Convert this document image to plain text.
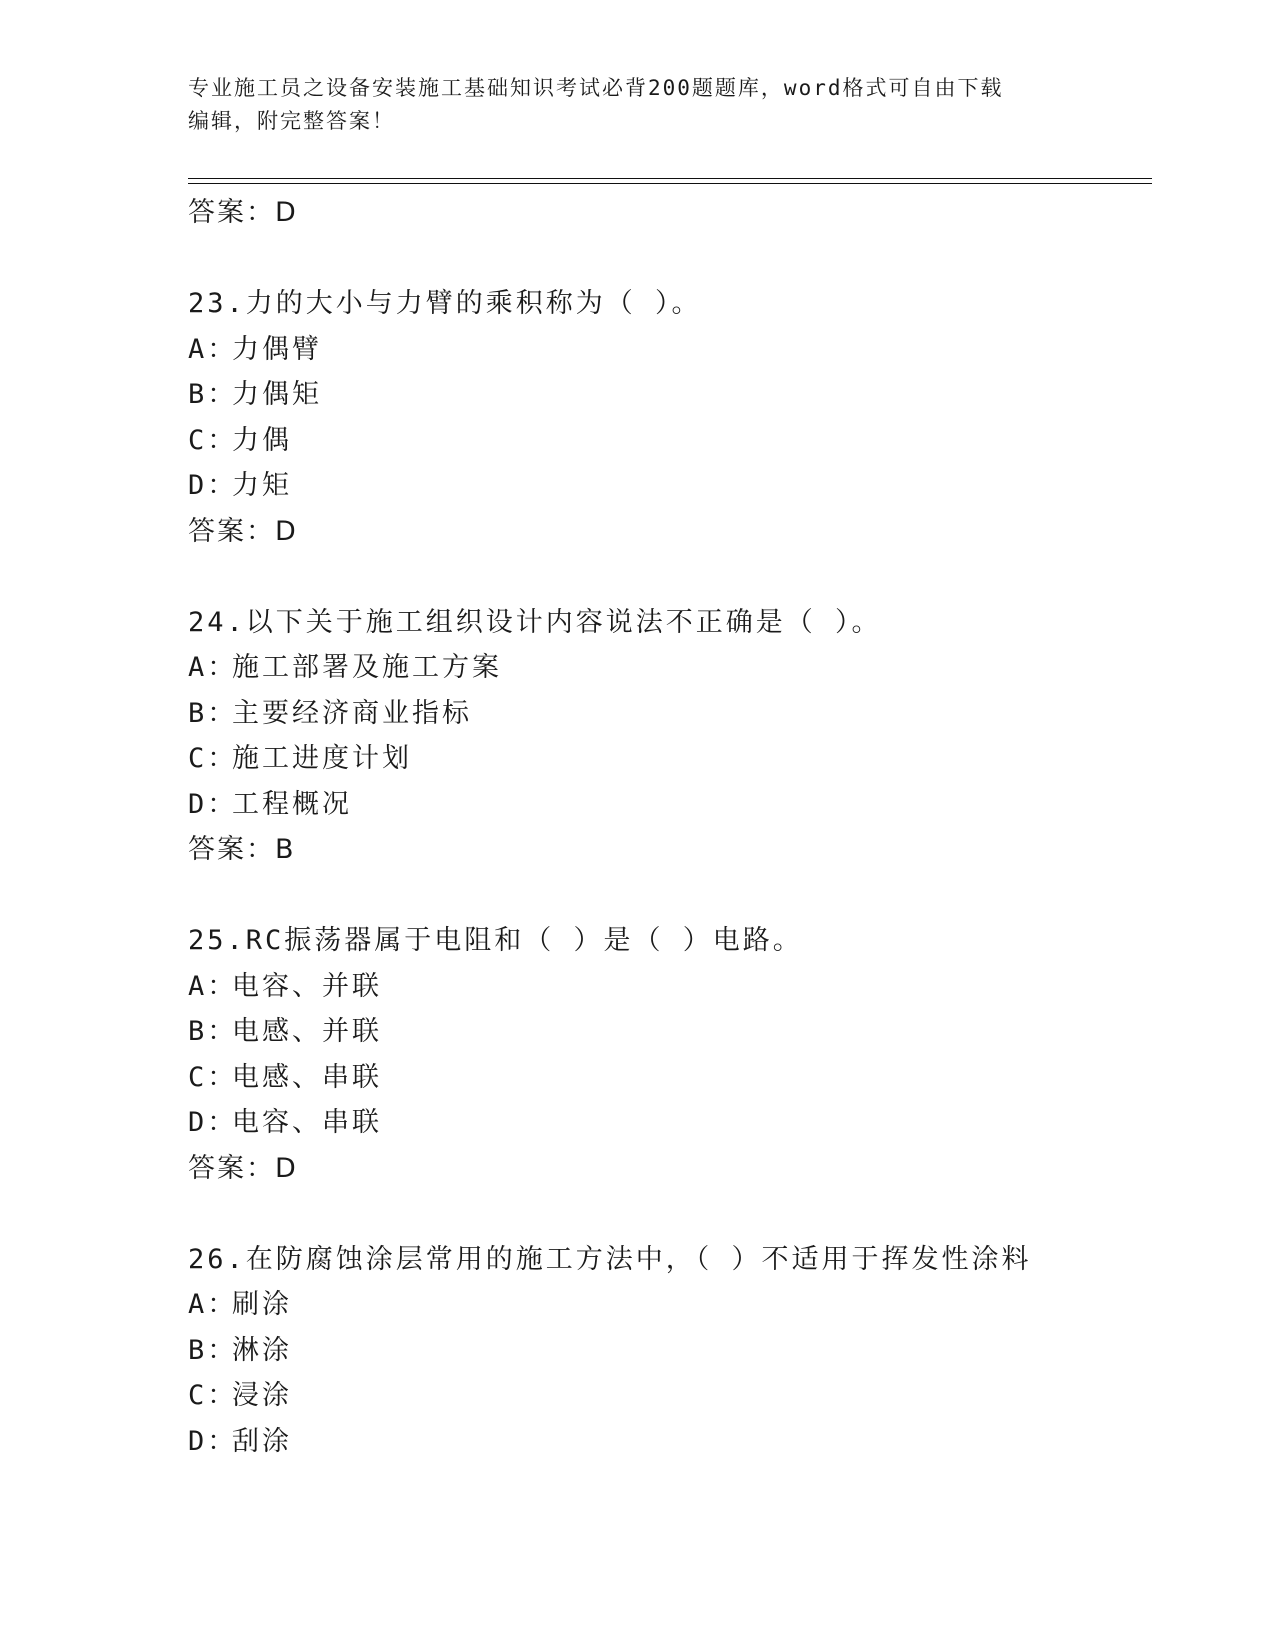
专业施工员之设备安装施工基础知识考试必背200题题库，word格式可自由下载
编辑，附完整答案！
答案：D
23.力的大小与力臂的乘积称为（ ）。
A：力偶臂
B：力偶矩
C：力偶
D：力矩
答案：D
24.以下关于施工组织设计内容说法不正确是（ ）。
A：施工部署及施工方案
B：主要经济商业指标
C：施工进度计划
D：工程概况
答案：B
25.RC振荡器属于电阻和（ ）是（ ）电路。
A：电容、并联
B：电感、并联
C：电感、串联
D：电容、串联
答案：D
26.在防腐蚀涂层常用的施工方法中，（ ）不适用于挥发性涂料
A：刷涂
B：淋涂
C：浸涂
D：刮涂
